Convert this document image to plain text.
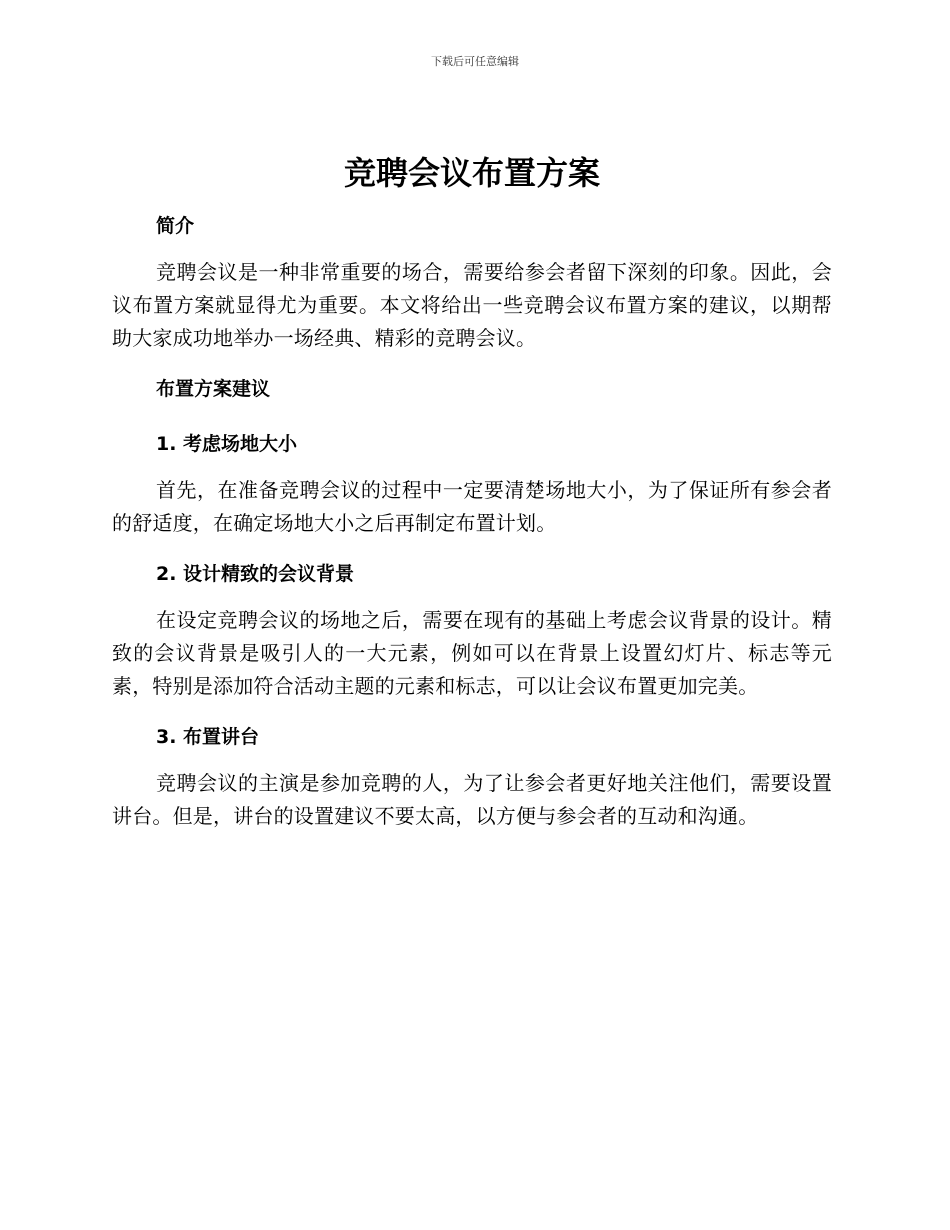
下载后可任意编辑
竞聘会议布置方案
简介

竞聘会议是一种非常重要的场合，需要给参会者留下深刻的印象。因此，会议布置方案就显得尤为重要。本文将给出一些竞聘会议布置方案的建议，以期帮助大家成功地举办一场经典、精彩的竞聘会议。

布置方案建议
1. 考虑场地大小

首先，在准备竞聘会议的过程中一定要清楚场地大小，为了保证所有参会者的舒适度，在确定场地大小之后再制定布置计划。

2. 设计精致的会议背景

在设定竞聘会议的场地之后，需要在现有的基础上考虑会议背景的设计。精致的会议背景是吸引人的一大元素，例如可以在背景上设置幻灯片、标志等元素，特别是添加符合活动主题的元素和标志，可以让会议布置更加完美。

3. 布置讲台

竞聘会议的主演是参加竞聘的人，为了让参会者更好地关注他们，需要设置讲台。但是，讲台的设置建议不要太高，以方便与参会者的互动和沟通。
